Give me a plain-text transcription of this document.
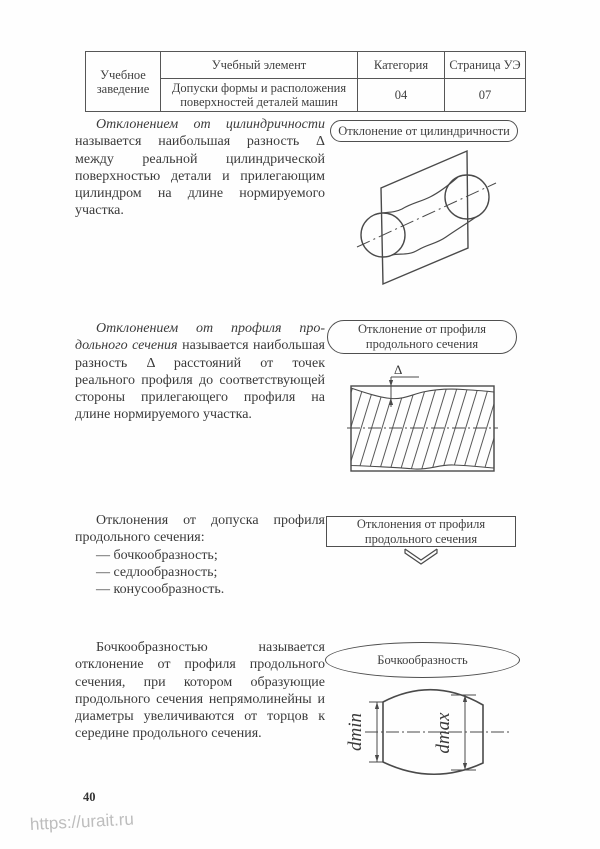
Учебное заведение	Учебный элемент	Категория	Страница УЭ
	Допуски формы и расположения поверхностей деталей машин	04	07

Отклонением от цилиндричности называется наибольшая разность Δ между реальной цилиндрической поверхностью детали и прилегающим цилиндром на длине нормируемого участка.

Отклонение от цилиндричности

Отклонением от профиля продольного сечения называется наибольшая разность Δ расстояний от точек реального профиля до соответствующей стороны прилегающего профиля на длине нормируемого участка.

Отклонение от профиля продольного сечения
Δ

Отклонения от допуска профиля продольного сечения:

— бочкообразность;
— седлообразность;
— конусообразность.
Отклонения от профиля продольного сечения

Бочкообразностью называется отклонение от профиля продольного сечения, при котором образующие продольного сечения непрямолинейны и диаметры увеличиваются от торцов к середине продольного сечения.

Бочкообразность
dmin	dmax
40
https://urait.ru
